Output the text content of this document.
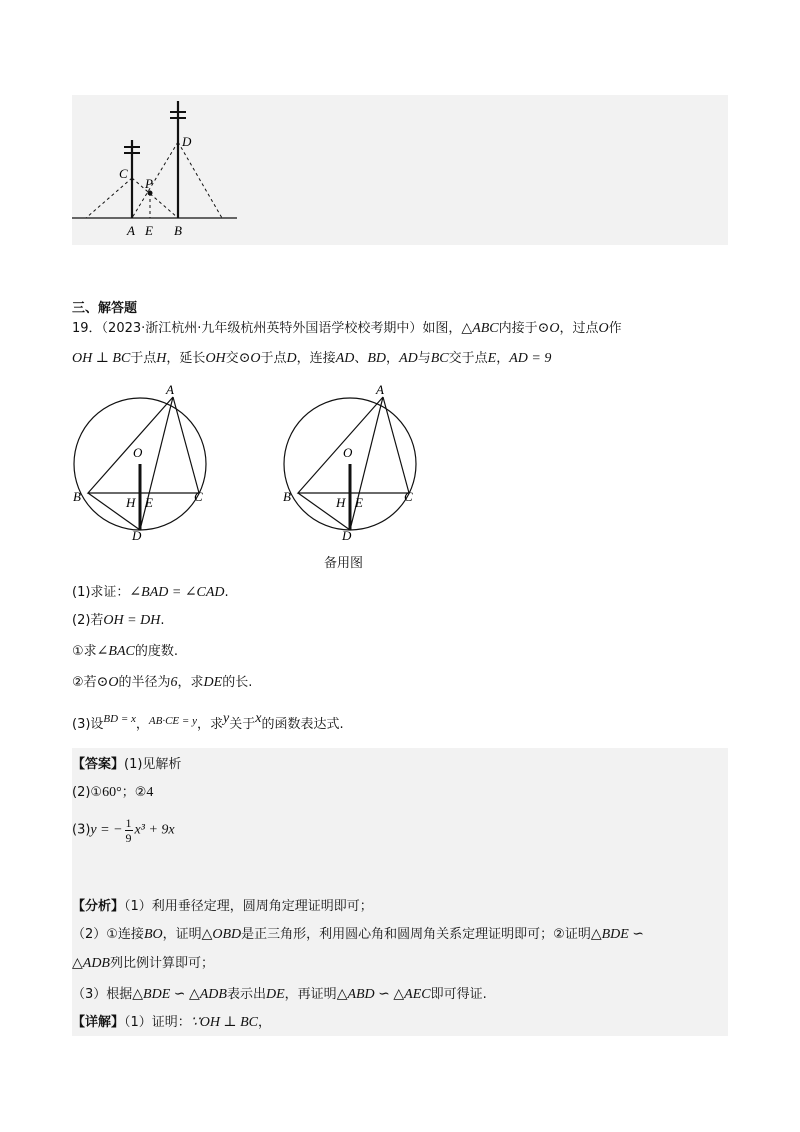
C
P
D
A E B
三、解答题
19．（2023·浙江杭州·九年级杭州英特外国语学校校考期中）如图，△ABC内接于⊙O，过点O作
OH ⊥ BC于点H，延长OH交⊙O于点D，连接AD、BD，AD与BC交于点E，AD = 9
A
O
B	H E	C
D
A
O
B	H E	C
D
备用图
(1)求证：∠BAD = ∠CAD.
(2)若OH = DH.
①求∠BAC的度数.
②若⊙O的半径为6，求DE的长.
(3)设$^{BD = x}$，$^{AB\cdot CE = y}$，求y关于x的函数表达式.
【答案】(1)见解析
(2)①60°；②4
(3)y = − $\frac{1}{9} x^3 + 9x$
【分析】（1）利用垂径定理，圆周角定理证明即可；
（2）①连接BO，证明△OBD是正三角形，利用圆心角和圆周角关系定理证明即可；②证明△BDE ∽
△ADB列比例计算即可；
（3）根据△BDE ∽ △ADB表示出DE，再证明△ABD ∽ △AEC即可得证.
【详解】（1）证明：∵OH ⊥ BC，
